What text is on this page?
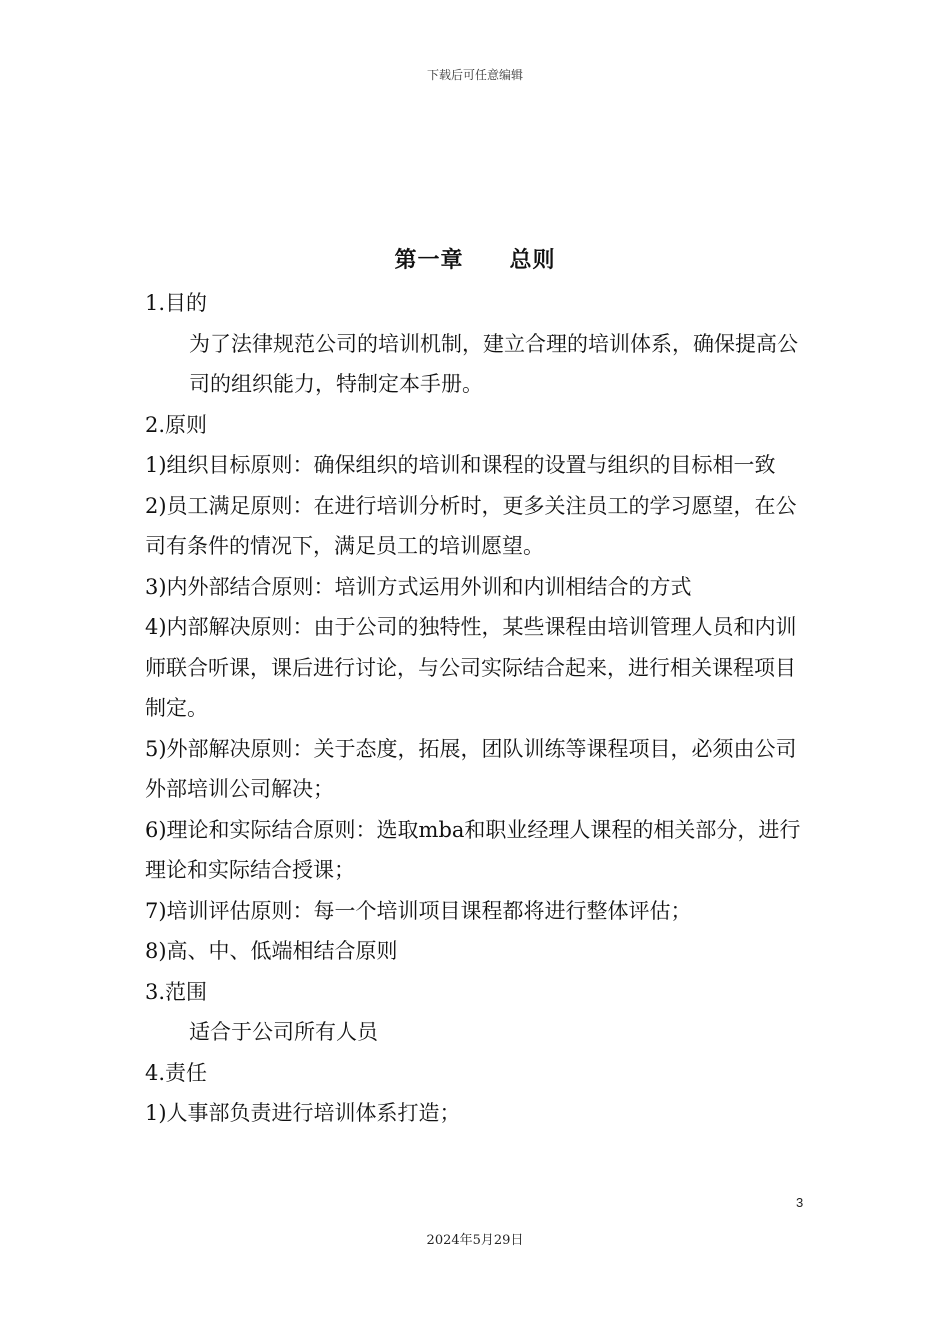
下载后可任意编辑
第一章　　总则

1.目的

为了法律规范公司的培训机制，建立合理的培训体系，确保提高公司的组织能力，特制定本手册。

2.原则

1)组织目标原则：确保组织的培训和课程的设置与组织的目标相一致

2)员工满足原则：在进行培训分析时，更多关注员工的学习愿望，在公司有条件的情况下，满足员工的培训愿望。

3)内外部结合原则：培训方式运用外训和内训相结合的方式

4)内部解决原则：由于公司的独特性，某些课程由培训管理人员和内训师联合听课，课后进行讨论，与公司实际结合起来，进行相关课程项目制定。

5)外部解决原则：关于态度，拓展，团队训练等课程项目，必须由公司外部培训公司解决；

6)理论和实际结合原则：选取mba和职业经理人课程的相关部分，进行理论和实际结合授课；

7)培训评估原则：每一个培训项目课程都将进行整体评估；

8)高、中、低端相结合原则

3.范围

适合于公司所有人员

4.责任

1)人事部负责进行培训体系打造；

3
2024年5月29日
